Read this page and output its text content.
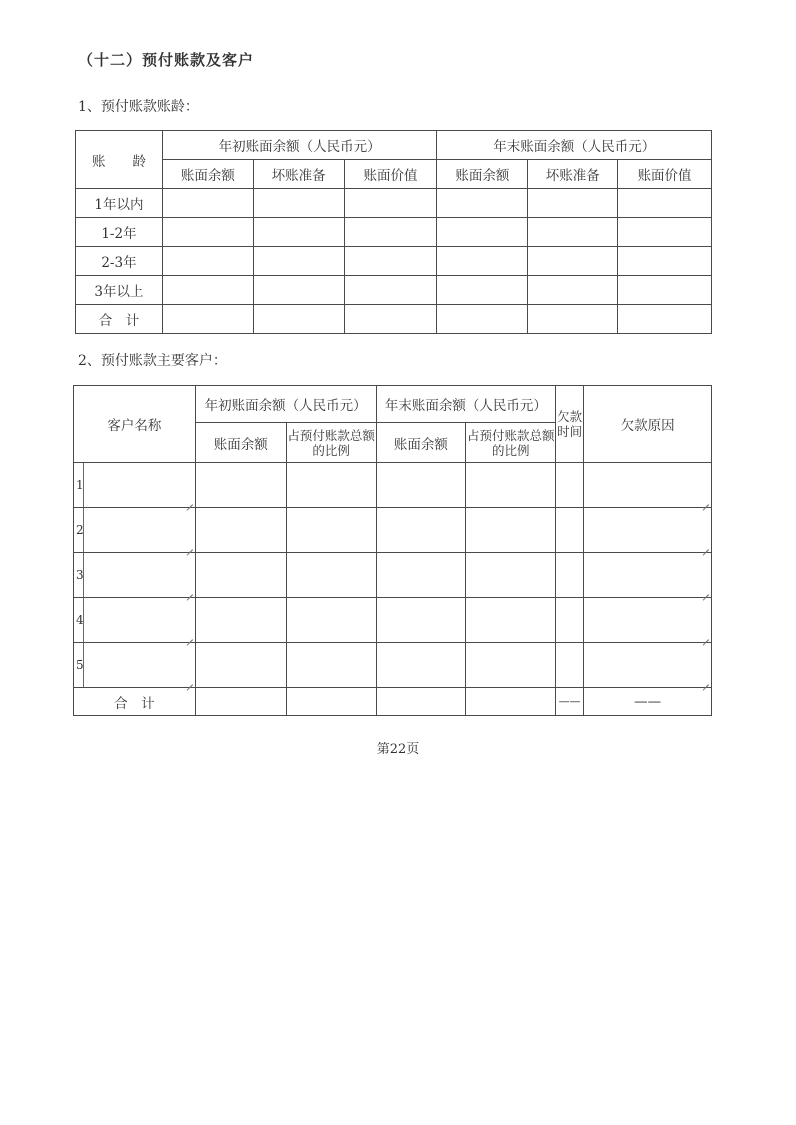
（十二）预付账款及客户
1、预付账款账龄：
账　　龄	年初账面余额（人民币元）			年末账面余额（人民币元）		
	账面余额	坏账准备	账面价值	账面余额	坏账准备	账面价值
1年以内						
1-2年						
2-3年						
3年以上						
合　计						
2、预付账款主要客户：
客户名称	年初账面余额（人民币元）		年末账面余额（人民币元）		欠款时间	欠款原因
	账面余额	占预付账款总额的比例	账面余额	占预付账款总额的比例		

1						

2						

3						

4						

5						

合　计					——	——
第22页
